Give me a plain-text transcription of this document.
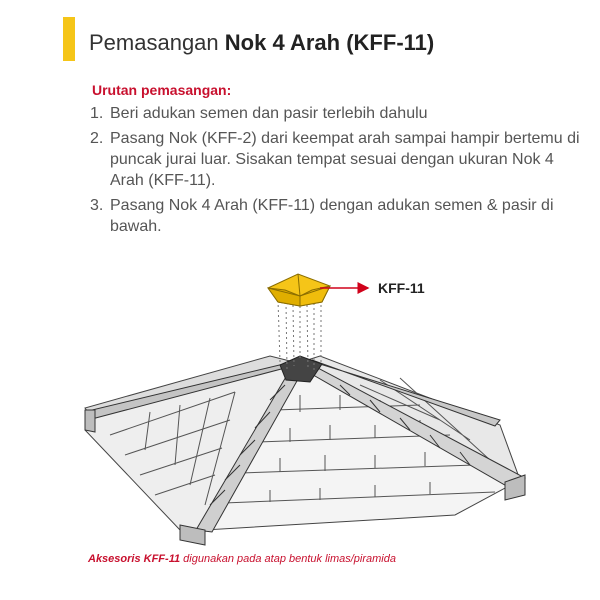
Pemasangan Nok 4 Arah (KFF-11)
Urutan pemasangan:
1. Beri adukan semen dan pasir terlebih dahulu
2. Pasang Nok (KFF-2) dari keempat arah sampai hampir bertemu di puncak jurai luar. Sisakan tempat sesuai dengan ukuran Nok 4 Arah (KFF-11).
3. Pasang Nok 4 Arah (KFF-11) dengan adukan semen & pasir di bawah.
KFF-11
Aksesoris KFF-11 digunakan pada atap bentuk limas/piramida
